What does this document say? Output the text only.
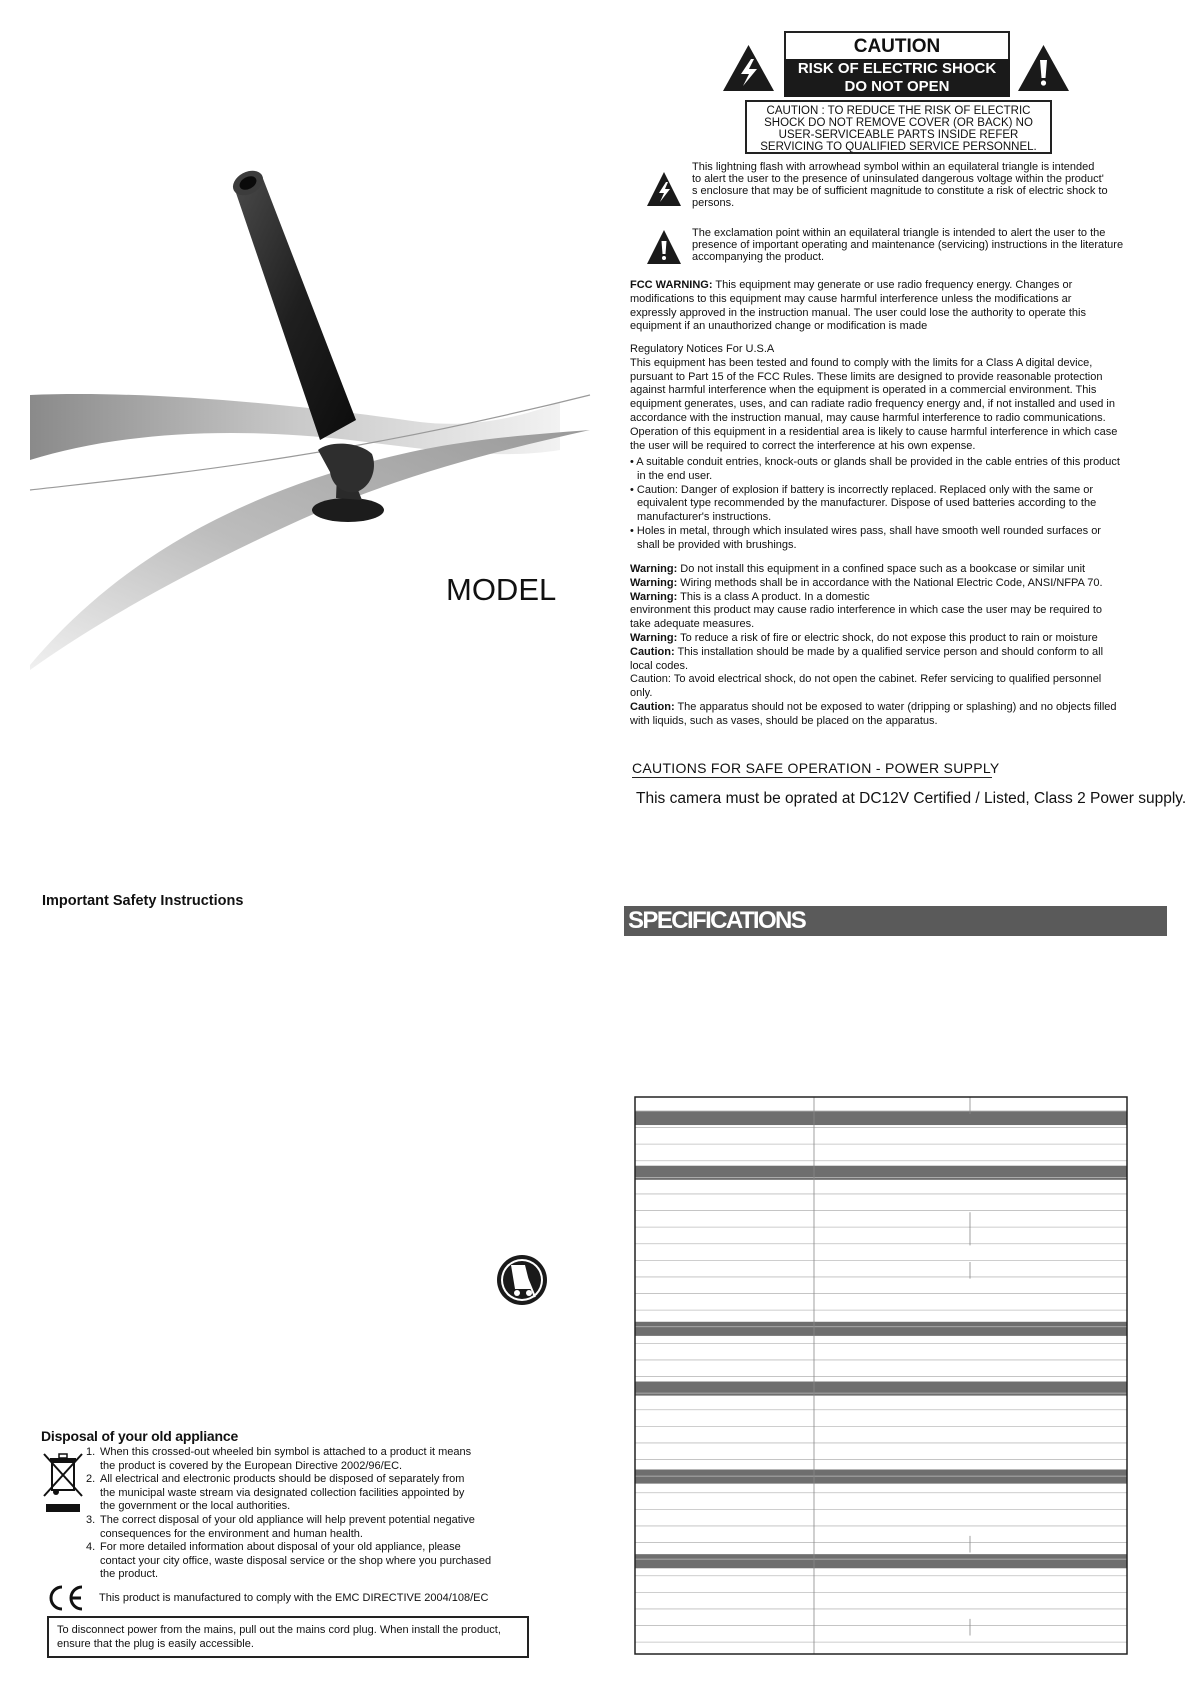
MODEL
Important Safety Instructions
Disposal of your old appliance
1. When this crossed-out wheeled bin symbol is attached to a product it means
the product is covered by the European Directive 2002/96/EC.
2. All electrical and electronic products should be disposed of separately from
the municipal waste stream via designated collection facilities appointed by
the government or the local authorities.
3. The correct disposal of your old appliance will help prevent potential negative
consequences for the environment and human health.
4. For more detailed information about disposal of your old appliance, please
contact your city office, waste disposal service or the shop where you purchased
the product.
This product is manufactured to comply with the EMC DIRECTIVE 2004/108/EC
To disconnect power from the mains, pull out the mains cord plug. When install the product,
ensure that the plug is easily accessible.
CAUTION
RISK OF ELECTRIC SHOCK
DO NOT OPEN
CAUTION : TO REDUCE THE RISK OF ELECTRIC
SHOCK DO NOT REMOVE COVER (OR BACK) NO
USER-SERVICEABLE PARTS INSIDE REFER
SERVICING TO QUALIFIED SERVICE PERSONNEL.
This lightning flash with arrowhead symbol within an equilateral triangle is intended
to alert the user to the presence of uninsulated dangerous voltage within the product'
s enclosure that may be of sufficient magnitude to constitute a risk of electric shock to
persons.
The exclamation point within an equilateral triangle is intended to alert the user to the
presence of important operating and maintenance (servicing) instructions in the literature
accompanying the product.
FCC WARNING: This equipment may generate or use radio frequency energy. Changes or
modifications to this equipment may cause harmful interference unless the modifications ar
expressly approved in the instruction manual. The user could lose the authority to operate this
equipment if an unauthorized change or modification is made
Regulatory Notices For U.S.A
This equipment has been tested and found to comply with the limits for a Class A digital device,
pursuant to Part 15 of the FCC Rules. These limits are designed to provide reasonable protection
against harmful interference when the equipment is operated in a commercial environment. This
equipment generates, uses, and can radiate radio frequency energy and, if not installed and used in
accordance with the instruction manual, may cause harmful interference to radio communications.
Operation of this equipment in a residential area is likely to cause harmful interference in which case
the user will be required to correct the interference at his own expense.
• A suitable conduit entries, knock-outs or glands shall be provided in the cable entries of this product
in the end user.
• Caution: Danger of explosion if battery is incorrectly replaced. Replaced only with the same or
equivalent type recommended by the manufacturer. Dispose of used batteries according to the
manufacturer's instructions.
• Holes in metal, through which insulated wires pass, shall have smooth well rounded surfaces or
shall be provided with brushings.
Warning: Do not install this equipment in a confined space such as a bookcase or similar unit
Warning: Wiring methods shall be in accordance with the National Electric Code, ANSI/NFPA 70.
Warning: This is a class A product. In a domestic
environment this product may cause radio interference in which case the user may be required to
take adequate measures.
Warning: To reduce a risk of fire or electric shock, do not expose this product to rain or moisture
Caution: This installation should be made by a qualified service person and should conform to all
local codes.
Caution: To avoid electrical shock, do not open the cabinet. Refer servicing to qualified personnel
only.
Caution: The apparatus should not be exposed to water (dripping or splashing) and no objects filled
with liquids, such as vases, should be placed on the apparatus.
CAUTIONS FOR SAFE OPERATION - POWER SUPPLY
This camera must be oprated at DC12V Certified / Listed, Class 2 Power supply.
SPECIFICATIONS
